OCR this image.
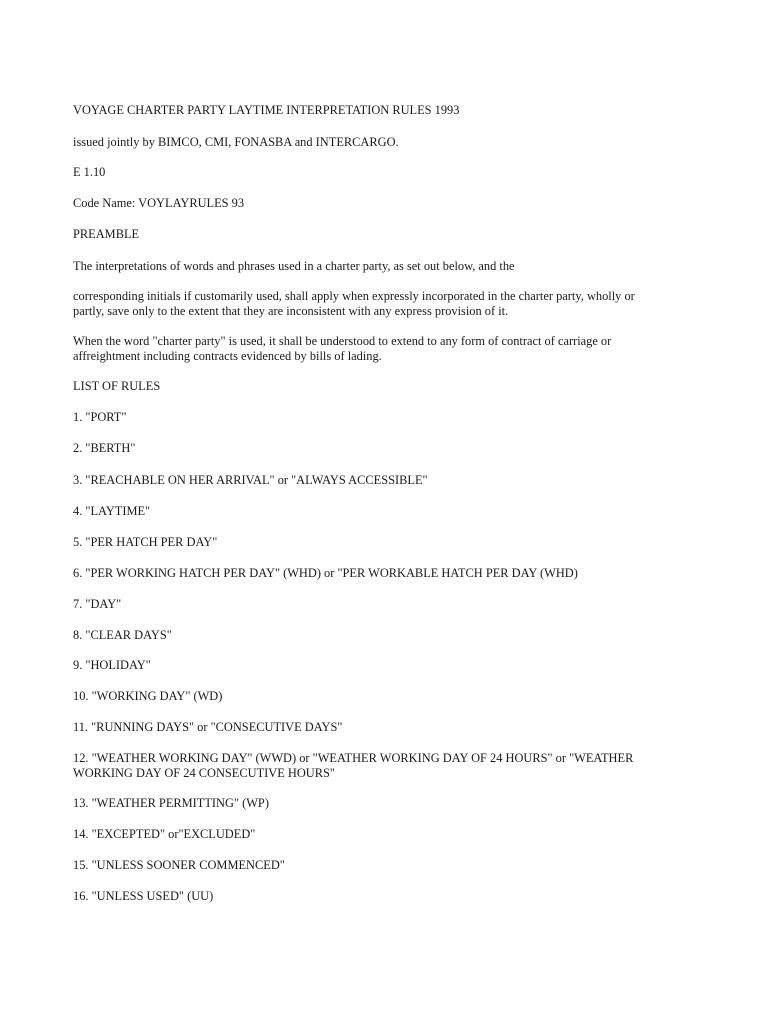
VOYAGE CHARTER PARTY LAYTIME INTERPRETATION RULES 1993

issued jointly by BIMCO, CMI, FONASBA and INTERCARGO.

E 1.10

Code Name: VOYLAYRULES 93

PREAMBLE

The interpretations of words and phrases used in a charter party, as set out below, and the

corresponding initials if customarily used, shall apply when expressly incorporated in the charter party, wholly or

partly, save only to the extent that they are inconsistent with any express provision of it.

When the word "charter party" is used, it shall be understood to extend to any form of contract of carriage or

affreightment including contracts evidenced by bills of lading.

LIST OF RULES

1. "PORT"

2. "BERTH"

3. "REACHABLE ON HER ARRIVAL" or "ALWAYS ACCESSIBLE"

4. "LAYTIME"

5. "PER HATCH PER DAY"

6. "PER WORKING HATCH PER DAY" (WHD) or "PER WORKABLE HATCH PER DAY (WHD)

7. "DAY"

8. "CLEAR DAYS"

9. "HOLIDAY"

10. "WORKING DAY" (WD)

11. "RUNNING DAYS" or "CONSECUTIVE DAYS"

12. "WEATHER WORKING DAY" (WWD) or "WEATHER WORKING DAY OF 24 HOURS" or "WEATHER

WORKING DAY OF 24 CONSECUTIVE HOURS"

13. "WEATHER PERMITTING" (WP)

14. "EXCEPTED" or"EXCLUDED"

15. "UNLESS SOONER COMMENCED"

16. "UNLESS USED" (UU)
